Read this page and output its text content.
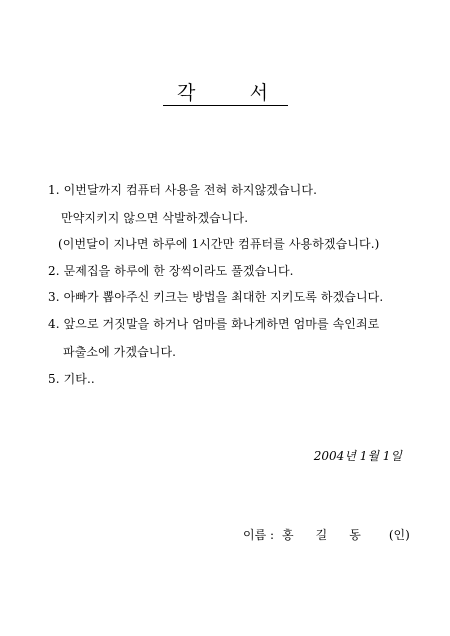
각	서
1. 이번달까지 컴퓨터 사용을 전혀 하지않겠습니다.
만약지키지 않으면 삭발하겠습니다.
(이번달이 지나면 하루에 1시간만 컴퓨터를 사용하겠습니다.)
2. 문제집을 하루에 한 장씩이라도 풀겠습니다.
3. 아빠가 뽑아주신 키크는 방법을 최대한 지키도록 하겠습니다.
4. 앞으로 거짓말을 하거나 엄마를 화나게하면 엄마를 속인죄로
파출소에 가겠습니다.
5. 기타..
2004년 1월 1일
이름 : 홍 길 동 (인)
